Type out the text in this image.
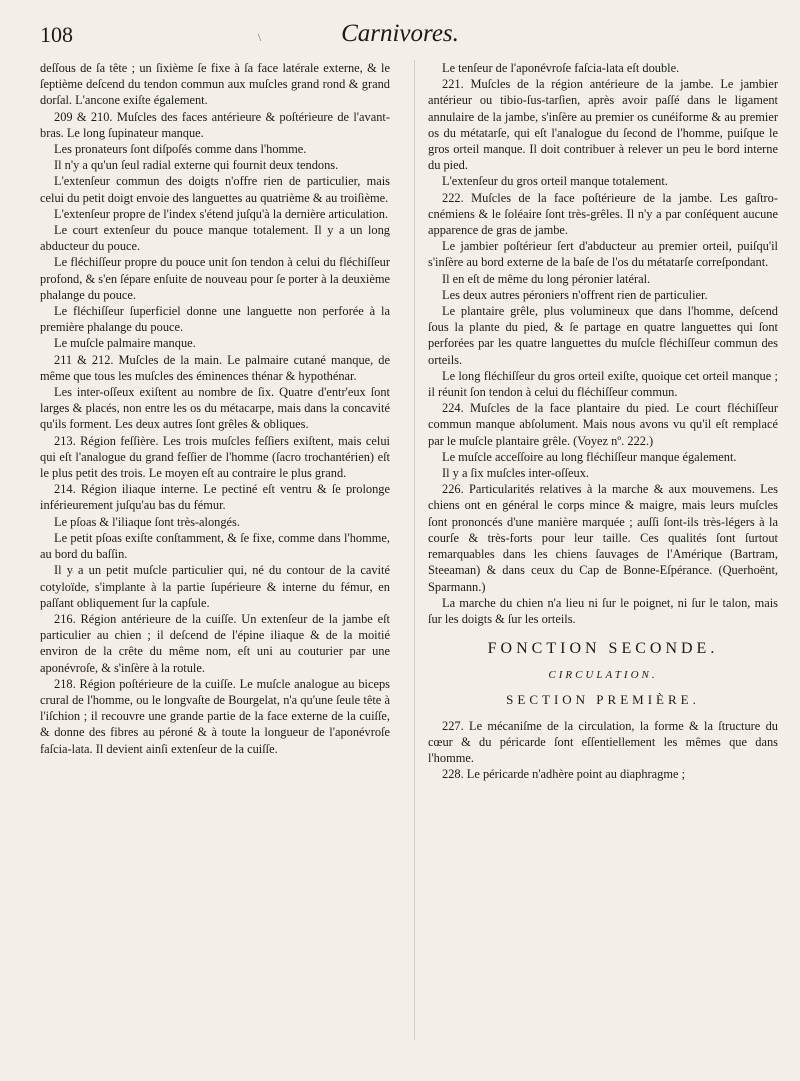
108	\	Carnivores.

deſſous de ſa tête ; un ſixième ſe fixe à ſa face latérale externe, & le ſeptième deſcend du tendon commun aux muſcles grand rond & grand dorſal. L'ancone exiſte également.

209 & 210. Muſcles des faces antérieure & poſtérieure de l'avant-bras. Le long ſupinateur manque.

Les pronateurs ſont diſpoſés comme dans l'homme.

Il n'y a qu'un ſeul radial externe qui fournit deux tendons.

L'extenſeur commun des doigts n'offre rien de particulier, mais celui du petit doigt envoie des languettes au quatrième & au troiſième.

L'extenſeur propre de l'index s'étend juſqu'à la dernière articulation.

Le court extenſeur du pouce manque totalement. Il y a un long abducteur du pouce.

Le fléchiſſeur propre du pouce unit ſon tendon à celui du fléchiſſeur profond, & s'en ſépare enſuite de nouveau pour ſe porter à la deuxième phalange du pouce.

Le fléchiſſeur ſuperficiel donne une languette non perforée à la première phalange du pouce.

Le muſcle palmaire manque.

211 & 212. Muſcles de la main. Le palmaire cutané manque, de même que tous les muſcles des éminences thénar & hypothénar.

Les inter-oſſeux exiſtent au nombre de ſix. Quatre d'entr'eux ſont larges & placés, non entre les os du métacarpe, mais dans la concavité qu'ils forment. Les deux autres ſont grêles & obliques.

213. Région feſſière. Les trois muſcles feſſiers exiſtent, mais celui qui eſt l'analogue du grand feſſier de l'homme (ſacro trochantérien) eſt le plus petit des trois. Le moyen eſt au contraire le plus grand.

214. Région iliaque interne. Le pectiné eſt ventru & ſe prolonge inférieurement juſqu'au bas du fémur.

Le pſoas & l'iliaque ſont très-alongés.

Le petit pſoas exiſte conſtamment, & ſe fixe, comme dans l'homme, au bord du baſſin.

Il y a un petit muſcle particulier qui, né du contour de la cavité cotyloïde, s'implante à la partie ſupérieure & interne du fémur, en paſſant obliquement ſur la capſule.

216. Région antérieure de la cuiſſe. Un extenſeur de la jambe eſt particulier au chien ; il deſcend de l'épine iliaque & de la moitié environ de la crête du même nom, eſt uni au couturier par une aponévroſe, & s'inſère à la rotule.

218. Région poſtérieure de la cuiſſe. Le muſcle analogue au biceps crural de l'homme, ou le longvaſte de Bourgelat, n'a qu'une ſeule tête à l'iſchion ; il recouvre une grande partie de la face externe de la cuiſſe, & donne des fibres au péroné & à toute la longueur de l'aponévroſe faſcia-lata. Il devient ainſi extenſeur de la cuiſſe.

Le tenſeur de l'aponévroſe faſcia-lata eſt double.

221. Muſcles de la région antérieure de la jambe. Le jambier antérieur ou tibio-ſus-tarſien, après avoir paſſé dans le ligament annulaire de la jambe, s'inſère au premier os cunéiforme & au premier os du métatarſe, qui eſt l'analogue du ſecond de l'homme, puiſque le gros orteil manque. Il doit contribuer à relever un peu le bord interne du pied.

L'extenſeur du gros orteil manque totalement.

222. Muſcles de la face poſtérieure de la jambe. Les gaſtro-cnémiens & le ſoléaire ſont très-grêles. Il n'y a par conſéquent aucune apparence de gras de jambe.

Le jambier poſtérieur ſert d'abducteur au premier orteil, puiſqu'il s'inſère au bord externe de la baſe de l'os du métatarſe correſpondant.

Il en eſt de même du long péronier latéral.

Les deux autres péroniers n'offrent rien de particulier.

Le plantaire grêle, plus volumineux que dans l'homme, deſcend ſous la plante du pied, & ſe partage en quatre languettes qui ſont perforées par les quatre languettes du muſcle fléchiſſeur commun des orteils.

Le long fléchiſſeur du gros orteil exiſte, quoique cet orteil manque ; il réunit ſon tendon à celui du fléchiſſeur commun.

224. Muſcles de la face plantaire du pied. Le court fléchiſſeur commun manque abſolument. Mais nous avons vu qu'il eſt remplacé par le muſcle plantaire grêle. (Voyez nº. 222.)

Le muſcle acceſſoire au long fléchiſſeur manque également.

Il y a ſix muſcles inter-oſſeux.

226. Particularités relatives à la marche & aux mouvemens. Les chiens ont en général le corps mince & maigre, mais leurs muſcles ſont prononcés d'une manière marquée ; auſſi ſont-ils très-légers à la courſe & très-forts pour leur taille. Ces qualités ſont ſurtout remarquables dans les chiens ſauvages de l'Amérique (Bartram, Steeaman) & dans ceux du Cap de Bonne-Eſpérance. (Querhoënt, Sparmann.)

La marche du chien n'a lieu ni ſur le poignet, ni ſur le talon, mais ſur les doigts & ſur les orteils.

FONCTION SECONDE.
CIRCULATION.
SECTION PREMIÈRE.

227. Le mécaniſme de la circulation, la forme & la ſtructure du cœur & du péricarde ſont eſſentiellement les mêmes que dans l'homme.

228. Le péricarde n'adhère point au diaphragme ;
